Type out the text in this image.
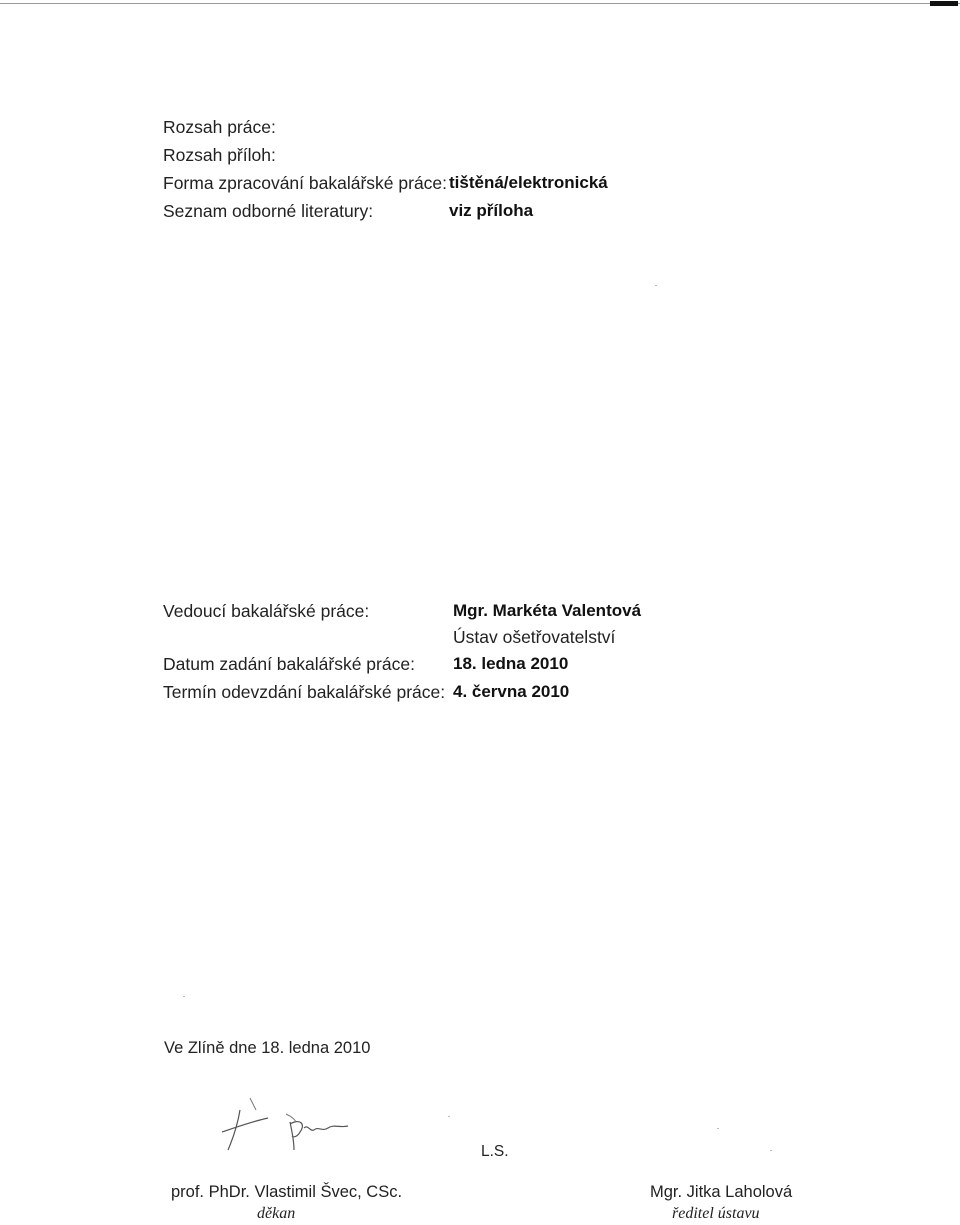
Rozsah práce:
Rozsah příloh:
Forma zpracování bakalářské práce: tištěná/elektronická
Seznam odborné literatury:	viz příloha
Vedoucí bakalářské práce:	Mgr. Markéta Valentová
Ústav ošetřovatelství
Datum zadání bakalářské práce: 18. ledna 2010
Termín odevzdání bakalářské práce: 4. června 2010
Ve Zlíně dne 18. ledna 2010
L.S.
prof. PhDr. Vlastimil Švec, CSc.
děkan
Mgr. Jitka Laholová
ředitel ústavu
